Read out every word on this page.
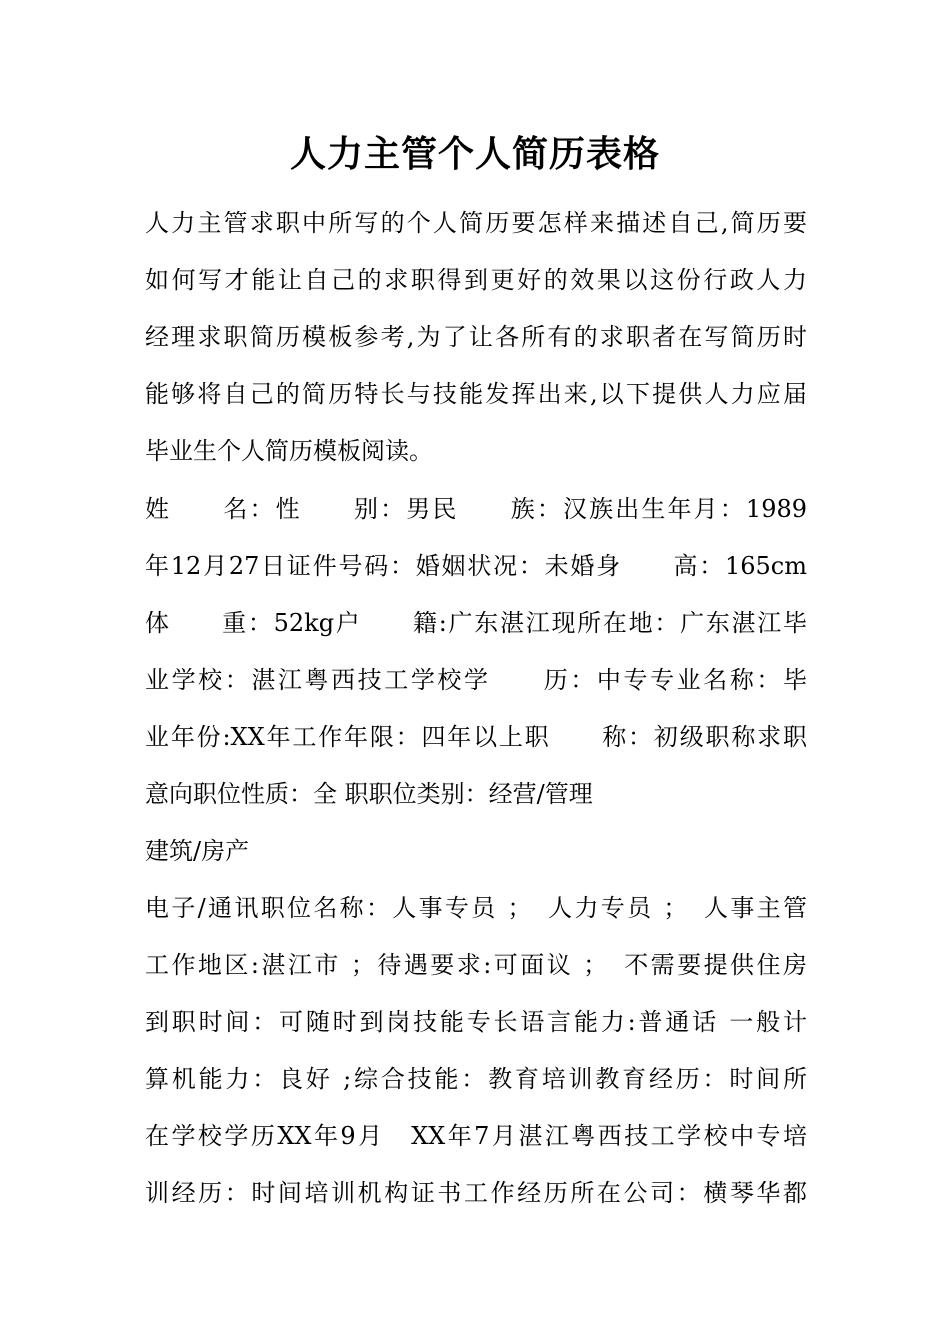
人力主管个人简历表格
人力主管求职中所写的个人简历要怎样来描述自己,简历要
如何写才能让自己的求职得到更好的效果以这份行政人力
经理求职简历模板参考,为了让各所有的求职者在写简历时
能够将自己的简历特长与技能发挥出来,以下提供人力应届
毕业生个人简历模板阅读。
姓　　名：性　　别：男民　　族：汉族出生年月：1989
年12月27日证件号码：婚姻状况：未婚身　　高：165cm
体　　重：52kg户　　籍:广东湛江现所在地：广东湛江毕
业学校：湛江粤西技工学校学　　历：中专专业名称：毕
业年份:XX年工作年限：四年以上职　　称：初级职称求职
意向职位性质：全 职职位类别：经营/管理
建筑/房产
电子/通讯职位名称：人事专员 ；　人力专员 ；　人事主管
工作地区:湛江市 ；待遇要求:可面议 ；　不需要提供住房
到职时间：可随时到岗技能专长语言能力:普通话 一般计
算机能力：良好 ;综合技能：教育培训教育经历：时间所
在学校学历XX年9月　XX年7月湛江粤西技工学校中专培
训经历：时间培训机构证书工作经历所在公司：横琴华都
